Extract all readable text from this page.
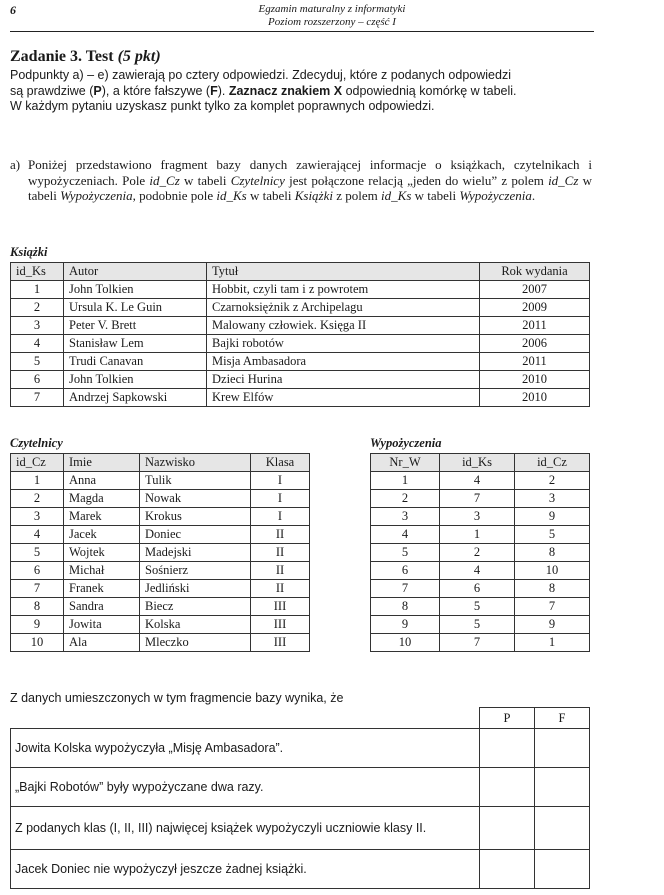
6	Egzamin maturalny z informatyki
Poziom rozszerzony – część I
Zadanie 3. Test (5 pkt)

Podpunkty a) – e) zawierają po cztery odpowiedzi. Zdecyduj, które z podanych odpowiedzi

są prawdziwe (P), a które fałszywe (F). Zaznacz znakiem X odpowiednią komórkę w tabeli.

W każdym pytaniu uzyskasz punkt tylko za komplet poprawnych odpowiedzi.

a) Poniżej przedstawiono fragment bazy danych zawierającej informacje o książkach, czytelnikach i wypożyczeniach. Pole id_Cz w tabeli Czytelnicy jest połączone relacją „jeden do wielu” z polem id_Cz w tabeli Wypożyczenia, podobnie pole id_Ks w tabeli Książki z polem id_Ks w tabeli Wypożyczenia.
Książki
id_Ks	Autor	Tytuł	Rok wydania
1	John Tolkien	Hobbit, czyli tam i z powrotem	2007
2	Ursula K. Le Guin	Czarnoksiężnik z Archipelagu	2009
3	Peter V. Brett	Malowany człowiek. Księga II	2011
4	Stanisław Lem	Bajki robotów	2006
5	Trudi Canavan	Misja Ambasadora	2011
6	John Tolkien	Dzieci Hurina	2010
7	Andrzej Sapkowski	Krew Elfów	2010
Czytelnicy
id_Cz	Imie	Nazwisko	Klasa
1	Anna	Tulik	I
2	Magda	Nowak	I
3	Marek	Krokus	I
4	Jacek	Doniec	II
5	Wojtek	Madejski	II
6	Michał	Sośnierz	II
7	Franek	Jedliński	II
8	Sandra	Biecz	III
9	Jowita	Kolska	III
10	Ala	Mleczko	III
Wypożyczenia
Nr_W	id_Ks	id_Cz
1	4	2
2	7	3
3	3	9
4	1	5
5	2	8
6	4	10
7	6	8
8	5	7
9	5	9
10	7	1
Z danych umieszczonych w tym fragmencie bazy wynika, że
	P	F
Jowita Kolska wypożyczyła „Misję Ambasadora”.		
„Bajki Robotów” były wypożyczane dwa razy.		
Z podanych klas (I, II, III) najwięcej książek wypożyczyli uczniowie klasy II.		
Jacek Doniec nie wypożyczył jeszcze żadnej książki.		
